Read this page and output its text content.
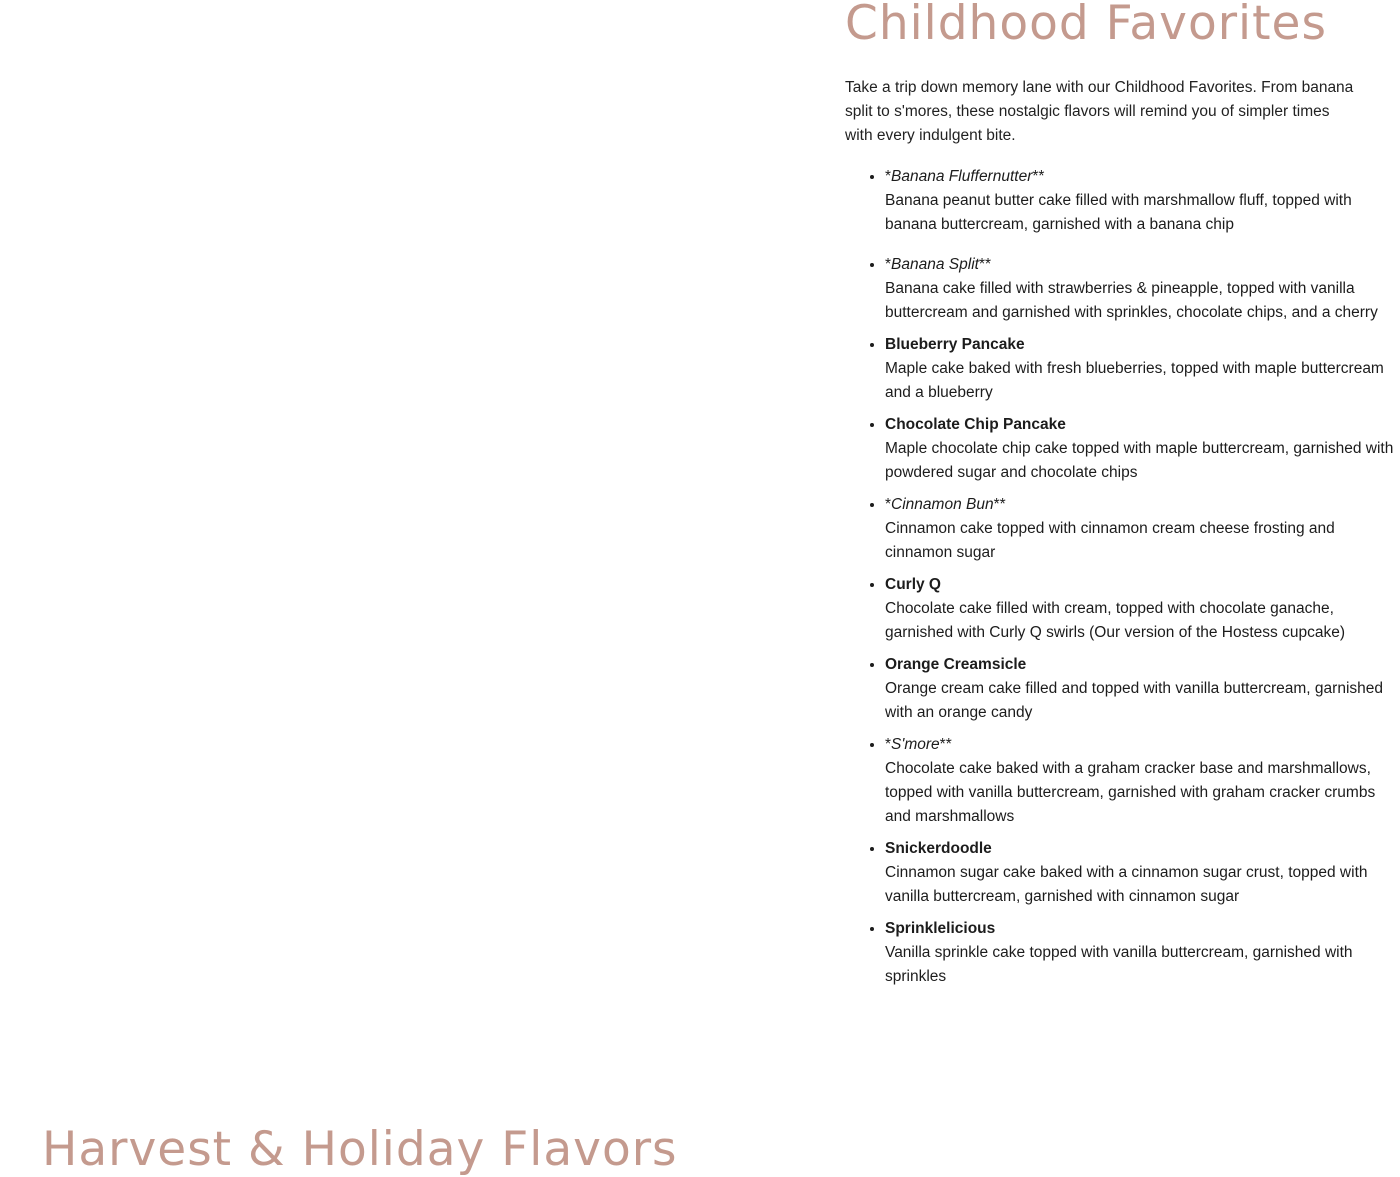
Childhood Favorites

Take a trip down memory lane with our Childhood Favorites. From banana split to s'mores, these nostalgic flavors will remind you of simpler times with every indulgent bite.

• *Banana Fluffernutter**
Banana peanut butter cake filled with marshmallow fluff, topped with banana buttercream, garnished with a banana chip
• *Banana Split**
Banana cake filled with strawberries & pineapple, topped with vanilla buttercream and garnished with sprinkles, chocolate chips, and a cherry
• Blueberry Pancake
Maple cake baked with fresh blueberries, topped with maple buttercream and a blueberry
• Chocolate Chip Pancake
Maple chocolate chip cake topped with maple buttercream, garnished with powdered sugar and chocolate chips
• *Cinnamon Bun**
Cinnamon cake topped with cinnamon cream cheese frosting and cinnamon sugar
• Curly Q
Chocolate cake filled with cream, topped with chocolate ganache, garnished with Curly Q swirls (Our version of the Hostess cupcake)
• Orange Creamsicle
Orange cream cake filled and topped with vanilla buttercream, garnished with an orange candy
• *S'more**
Chocolate cake baked with a graham cracker base and marshmallows, topped with vanilla buttercream, garnished with graham cracker crumbs and marshmallows
• Snickerdoodle
Cinnamon sugar cake baked with a cinnamon sugar crust, topped with vanilla buttercream, garnished with cinnamon sugar
• Sprinklelicious
Vanilla sprinkle cake topped with vanilla buttercream, garnished with sprinkles
Harvest & Holiday Flavors
